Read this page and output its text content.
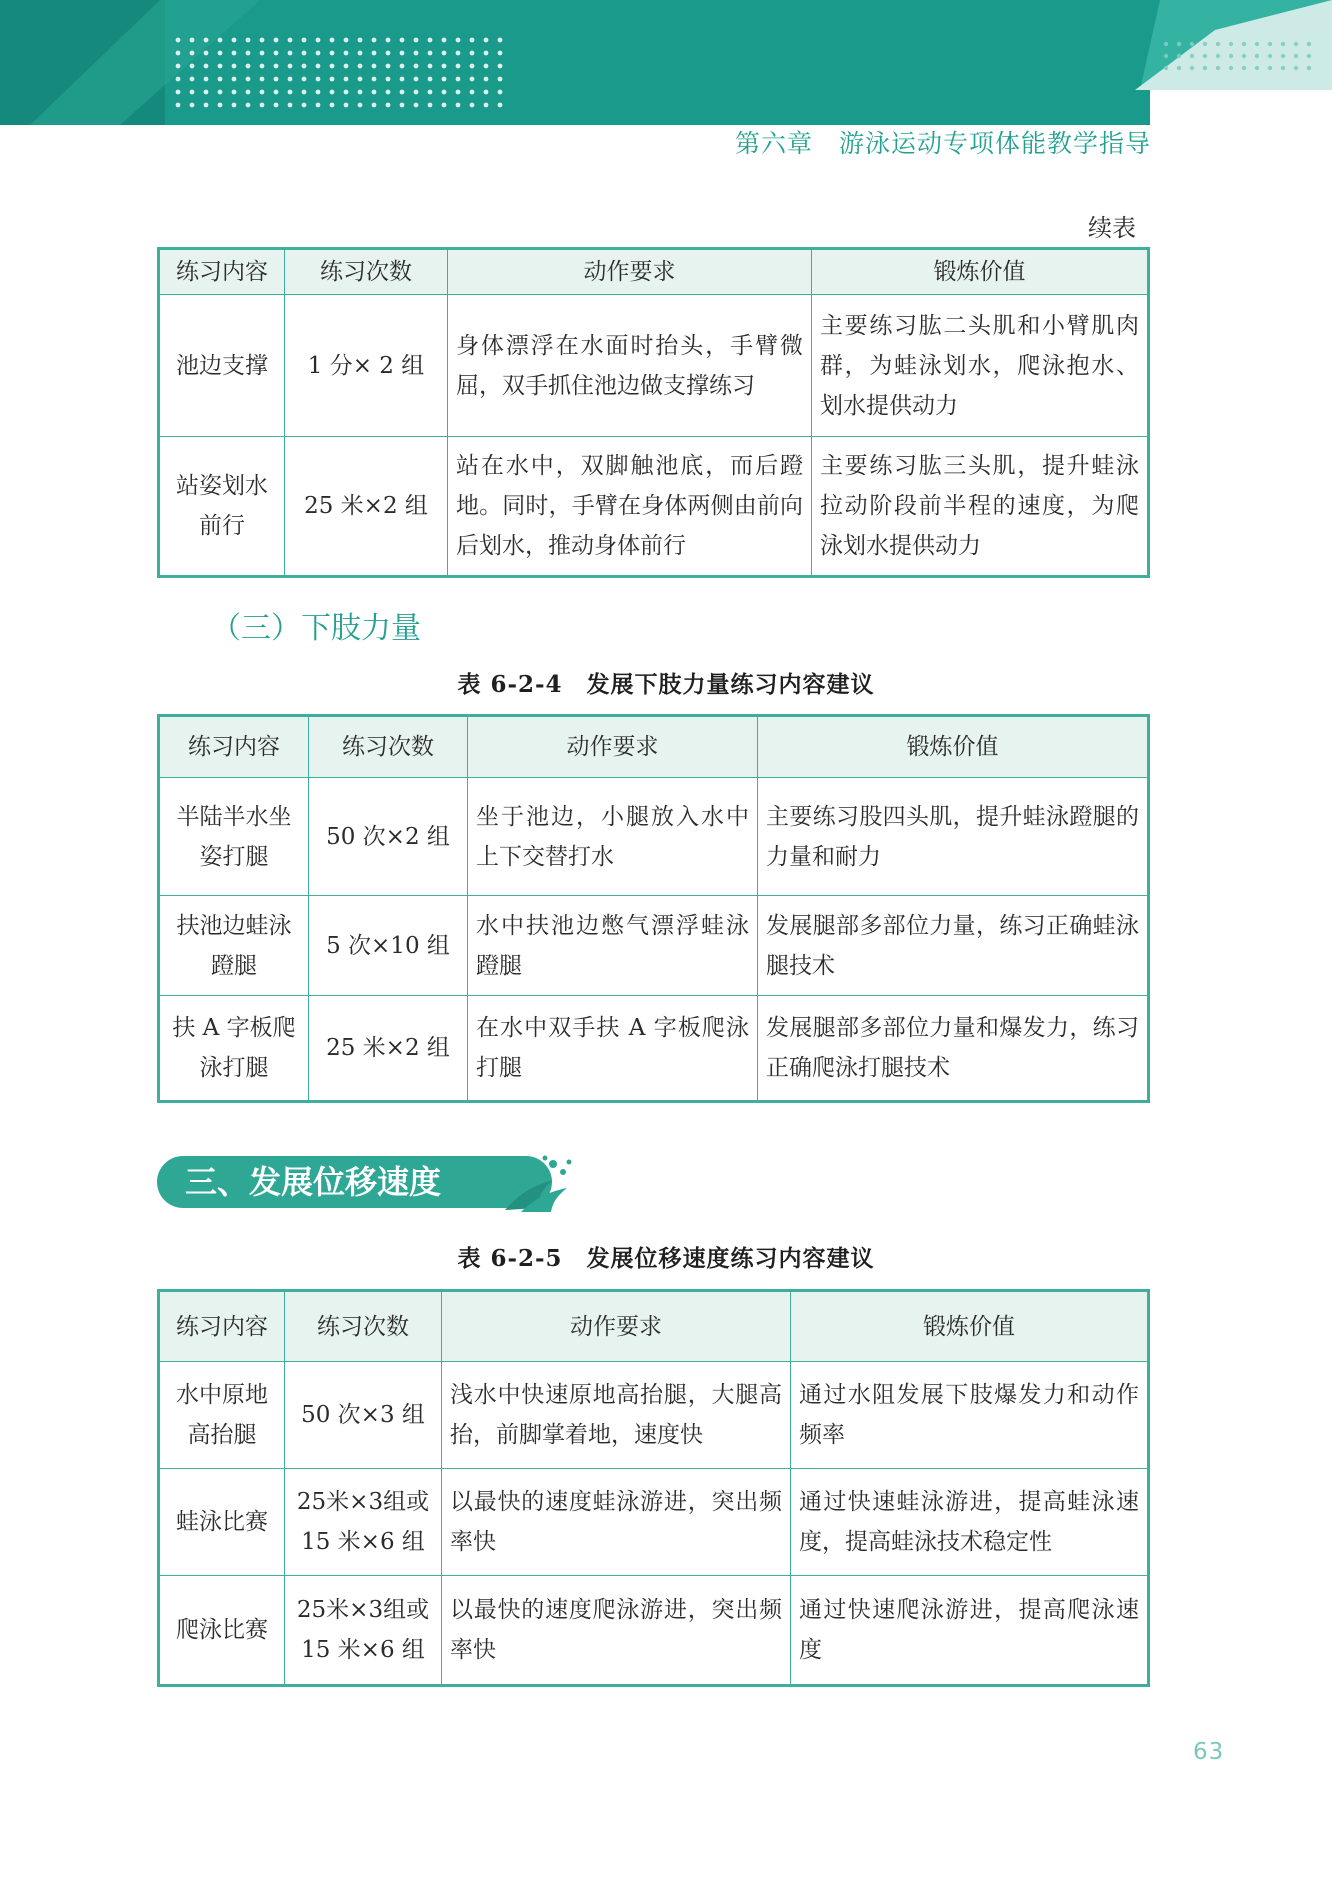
第六章　游泳运动专项体能教学指导
续表
练习内容	练习次数	动作要求	锻炼价值
池边支撑	1 分× 2 组	身体漂浮在水面时抬头，手臂微屈，双手抓住池边做支撑练习	主要练习肱二头肌和小臂肌肉群，为蛙泳划水，爬泳抱水、划水提供动力
站姿划水前行	25 米×2 组	站在水中，双脚触池底，而后蹬地。同时，手臂在身体两侧由前向后划水，推动身体前行	主要练习肱三头肌，提升蛙泳拉动阶段前半程的速度，为爬泳划水提供动力
（三）下肢力量
表 6-2-4　发展下肢力量练习内容建议
练习内容	练习次数	动作要求	锻炼价值
半陆半水坐姿打腿	50 次×2 组	坐于池边，小腿放入水中上下交替打水	主要练习股四头肌，提升蛙泳蹬腿的力量和耐力
扶池边蛙泳蹬腿	5 次×10 组	水中扶池边憋气漂浮蛙泳蹬腿	发展腿部多部位力量，练习正确蛙泳腿技术
扶 A 字板爬泳打腿	25 米×2 组	在水中双手扶 A 字板爬泳打腿	发展腿部多部位力量和爆发力，练习正确爬泳打腿技术
三、发展位移速度
表 6-2-5　发展位移速度练习内容建议
练习内容	练习次数	动作要求	锻炼价值
水中原地高抬腿	50 次×3 组	浅水中快速原地高抬腿，大腿高抬，前脚掌着地，速度快	通过水阻发展下肢爆发力和动作频率
蛙泳比赛	25米×3组或15 米×6 组	以最快的速度蛙泳游进，突出频率快	通过快速蛙泳游进，提高蛙泳速度，提高蛙泳技术稳定性
爬泳比赛	25米×3组或15 米×6 组	以最快的速度爬泳游进，突出频率快	通过快速爬泳游进，提高爬泳速度
63
